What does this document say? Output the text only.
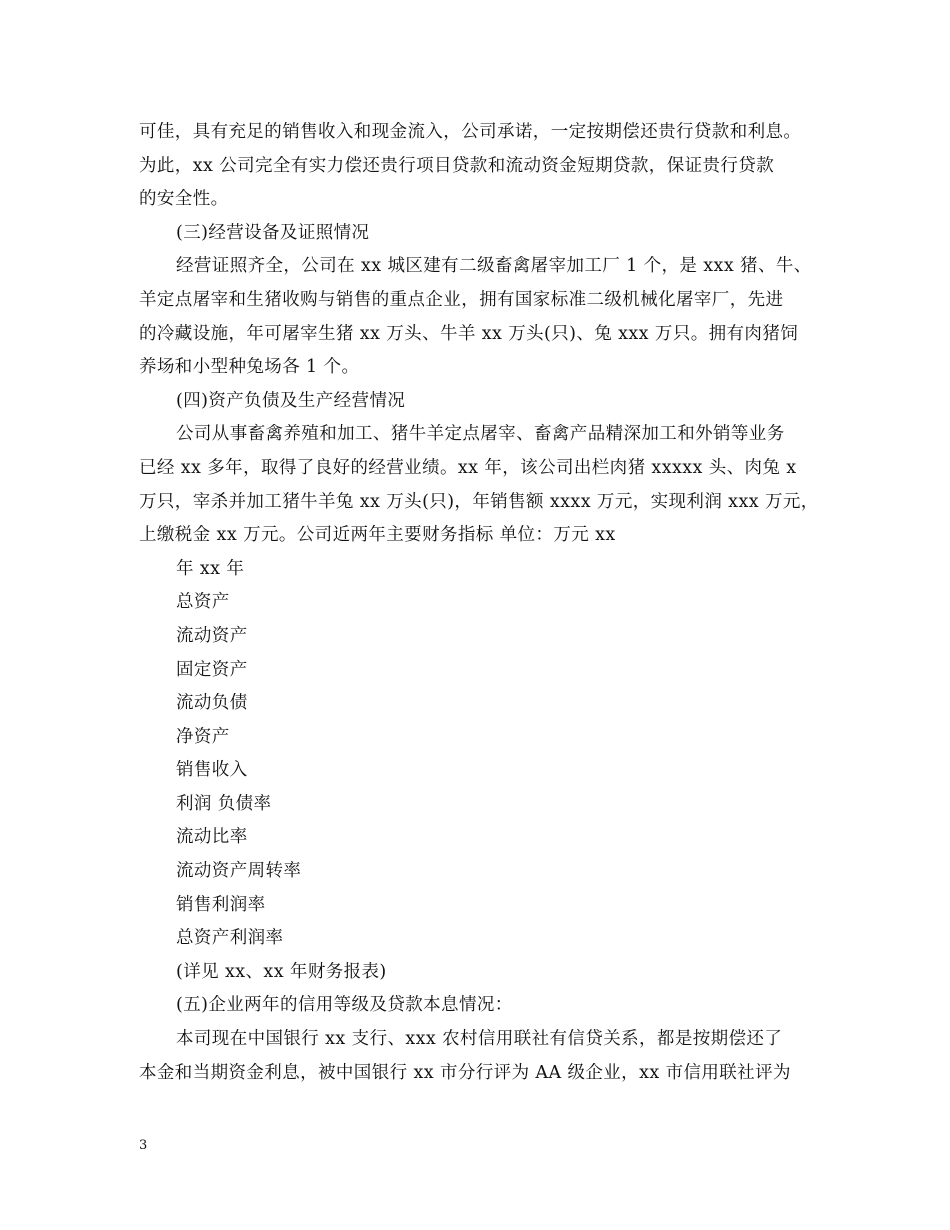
可佳，具有充足的销售收入和现金流入，公司承诺，一定按期偿还贵行贷款和利息。
为此，xx 公司完全有实力偿还贵行项目贷款和流动资金短期贷款，保证贵行贷款
的安全性。
(三)经营设备及证照情况
经营证照齐全，公司在 xx 城区建有二级畜禽屠宰加工厂 1 个，是 xxx 猪、牛、
羊定点屠宰和生猪收购与销售的重点企业，拥有国家标准二级机械化屠宰厂，先进
的冷藏设施，年可屠宰生猪 xx 万头、牛羊 xx 万头(只)、兔 xxx 万只。拥有肉猪饲
养场和小型种兔场各 1 个。
(四)资产负债及生产经营情况
公司从事畜禽养殖和加工、猪牛羊定点屠宰、畜禽产品精深加工和外销等业务
已经 xx 多年，取得了良好的经营业绩。xx 年，该公司出栏肉猪 xxxxx 头、肉兔 x
万只，宰杀并加工猪牛羊兔 xx 万头(只)，年销售额 xxxx 万元，实现利润 xxx 万元，
上缴税金 xx 万元。公司近两年主要财务指标 单位：万元 xx
年 xx 年
总资产
流动资产
固定资产
流动负债
净资产
销售收入
利润 负债率
流动比率
流动资产周转率
销售利润率
总资产利润率
(详见 xx、xx 年财务报表)
(五)企业两年的信用等级及贷款本息情况：
本司现在中国银行 xx 支行、xxx 农村信用联社有信贷关系，都是按期偿还了
本金和当期资金利息，被中国银行 xx 市分行评为 AA 级企业，xx 市信用联社评为
3
